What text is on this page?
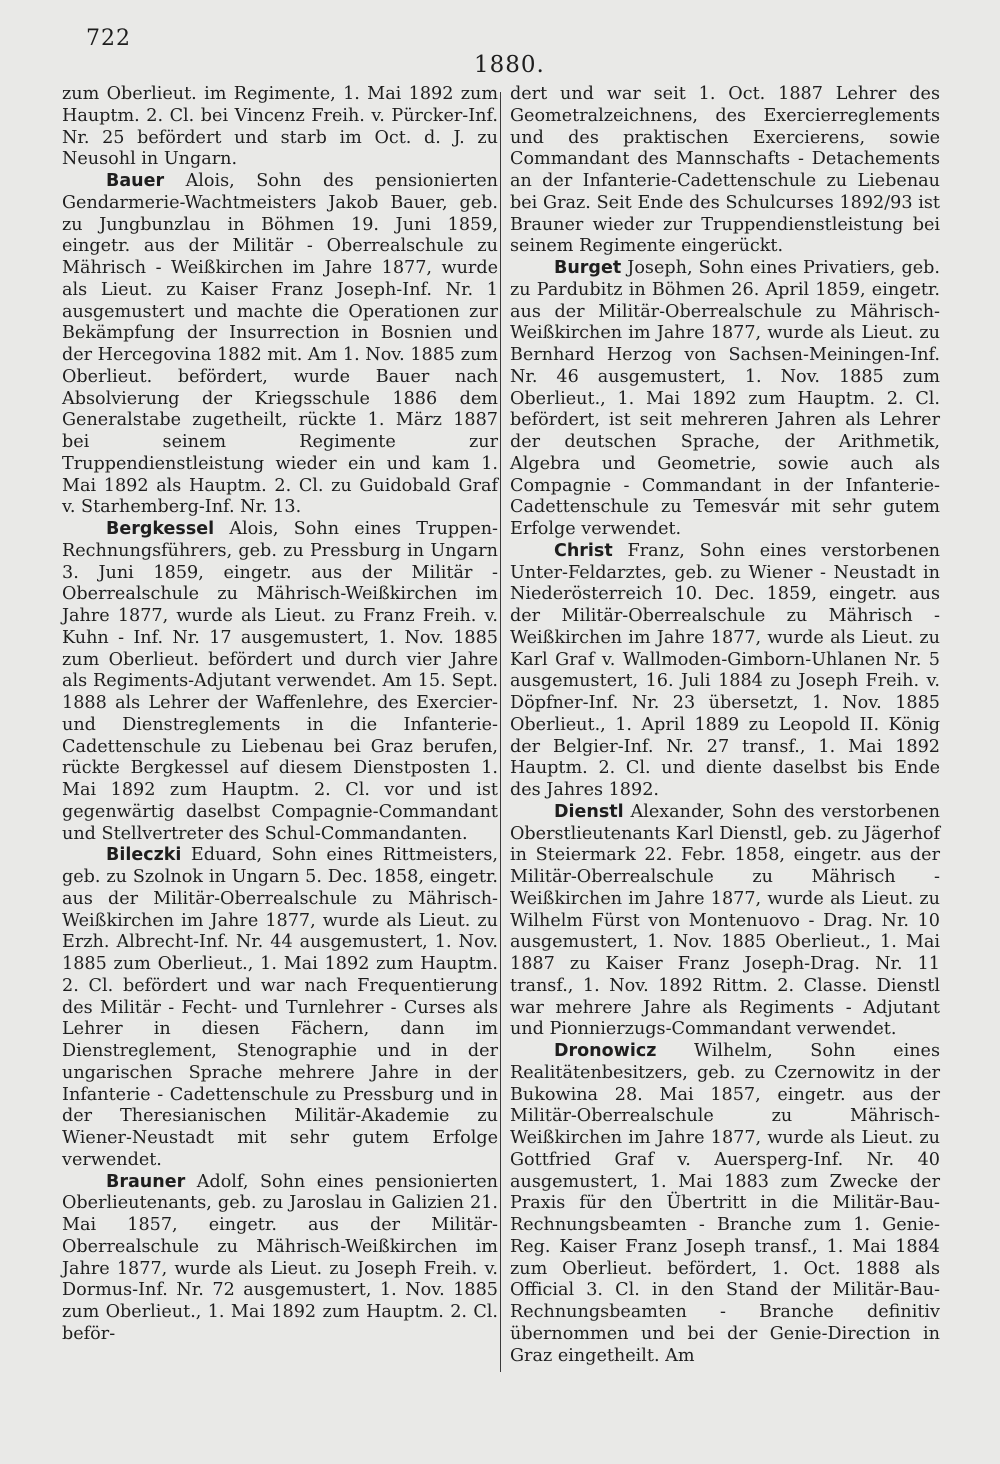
722
1880.

zum Oberlieut. im Regimente, 1. Mai 1892 zum Hauptm. 2. Cl. bei Vincenz Freih. v. Pürcker-Inf. Nr. 25 befördert und starb im Oct. d. J. zu Neusohl in Ungarn.

Bauer Alois, Sohn des pensionierten Gendarmerie-Wachtmeisters Jakob Bauer, geb. zu Jungbunzlau in Böhmen 19. Juni 1859, eingetr. aus der Militär - Oberrealschule zu Mährisch - Weißkirchen im Jahre 1877, wurde als Lieut. zu Kaiser Franz Joseph-Inf. Nr. 1 ausgemustert und machte die Operationen zur Bekämpfung der Insurrection in Bosnien und der Hercegovina 1882 mit. Am 1. Nov. 1885 zum Oberlieut. befördert, wurde Bauer nach Absolvierung der Kriegsschule 1886 dem Generalstabe zugetheilt, rückte 1. März 1887 bei seinem Regimente zur Truppendienstleistung wieder ein und kam 1. Mai 1892 als Hauptm. 2. Cl. zu Guidobald Graf v. Starhemberg-Inf. Nr. 13.

Bergkessel Alois, Sohn eines Truppen-Rechnungsführers, geb. zu Pressburg in Ungarn 3. Juni 1859, eingetr. aus der Militär - Oberrealschule zu Mährisch-Weißkirchen im Jahre 1877, wurde als Lieut. zu Franz Freih. v. Kuhn - Inf. Nr. 17 ausgemustert, 1. Nov. 1885 zum Oberlieut. befördert und durch vier Jahre als Regiments-Adjutant verwendet. Am 15. Sept. 1888 als Lehrer der Waffenlehre, des Exercier- und Dienstreglements in die Infanterie-Cadettenschule zu Liebenau bei Graz berufen, rückte Bergkessel auf diesem Dienstposten 1. Mai 1892 zum Hauptm. 2. Cl. vor und ist gegenwärtig daselbst Compagnie-Commandant und Stellvertreter des Schul-Commandanten.

Bileczki Eduard, Sohn eines Rittmeisters, geb. zu Szolnok in Ungarn 5. Dec. 1858, eingetr. aus der Militär-Oberrealschule zu Mährisch-Weißkirchen im Jahre 1877, wurde als Lieut. zu Erzh. Albrecht-Inf. Nr. 44 ausgemustert, 1. Nov. 1885 zum Oberlieut., 1. Mai 1892 zum Hauptm. 2. Cl. befördert und war nach Frequentierung des Militär - Fecht- und Turnlehrer - Curses als Lehrer in diesen Fächern, dann im Dienstreglement, Stenographie und in der ungarischen Sprache mehrere Jahre in der Infanterie - Cadettenschule zu Pressburg und in der Theresianischen Militär-Akademie zu Wiener-Neustadt mit sehr gutem Erfolge verwendet.

Brauner Adolf, Sohn eines pensionierten Oberlieutenants, geb. zu Jaroslau in Galizien 21. Mai 1857, eingetr. aus der Militär-Oberrealschule zu Mährisch-Weißkirchen im Jahre 1877, wurde als Lieut. zu Joseph Freih. v. Dormus-Inf. Nr. 72 ausgemustert, 1. Nov. 1885 zum Oberlieut., 1. Mai 1892 zum Hauptm. 2. Cl. beför-

dert und war seit 1. Oct. 1887 Lehrer des Geometralzeichnens, des Exercierreglements und des praktischen Exercierens, sowie Commandant des Mannschafts - Detachements an der Infanterie-Cadettenschule zu Liebenau bei Graz. Seit Ende des Schulcurses 1892/93 ist Brauner wieder zur Truppendienstleistung bei seinem Regimente eingerückt.

Burget Joseph, Sohn eines Privatiers, geb. zu Pardubitz in Böhmen 26. April 1859, eingetr. aus der Militär-Oberrealschule zu Mährisch-Weißkirchen im Jahre 1877, wurde als Lieut. zu Bernhard Herzog von Sachsen-Meiningen-Inf. Nr. 46 ausgemustert, 1. Nov. 1885 zum Oberlieut., 1. Mai 1892 zum Hauptm. 2. Cl. befördert, ist seit mehreren Jahren als Lehrer der deutschen Sprache, der Arithmetik, Algebra und Geometrie, sowie auch als Compagnie - Commandant in der Infanterie-Cadettenschule zu Temesvár mit sehr gutem Erfolge verwendet.

Christ Franz, Sohn eines verstorbenen Unter-Feldarztes, geb. zu Wiener - Neustadt in Niederösterreich 10. Dec. 1859, eingetr. aus der Militär-Oberrealschule zu Mährisch - Weißkirchen im Jahre 1877, wurde als Lieut. zu Karl Graf v. Wallmoden-Gimborn-Uhlanen Nr. 5 ausgemustert, 16. Juli 1884 zu Joseph Freih. v. Döpfner-Inf. Nr. 23 übersetzt, 1. Nov. 1885 Oberlieut., 1. April 1889 zu Leopold II. König der Belgier-Inf. Nr. 27 transf., 1. Mai 1892 Hauptm. 2. Cl. und diente daselbst bis Ende des Jahres 1892.

Dienstl Alexander, Sohn des verstorbenen Oberstlieutenants Karl Dienstl, geb. zu Jägerhof in Steiermark 22. Febr. 1858, eingetr. aus der Militär-Oberrealschule zu Mährisch - Weißkirchen im Jahre 1877, wurde als Lieut. zu Wilhelm Fürst von Montenuovo - Drag. Nr. 10 ausgemustert, 1. Nov. 1885 Oberlieut., 1. Mai 1887 zu Kaiser Franz Joseph-Drag. Nr. 11 transf., 1. Nov. 1892 Rittm. 2. Classe. Dienstl war mehrere Jahre als Regiments - Adjutant und Pionnierzugs-Commandant verwendet.

Dronowicz Wilhelm, Sohn eines Realitätenbesitzers, geb. zu Czernowitz in der Bukowina 28. Mai 1857, eingetr. aus der Militär-Oberrealschule zu Mährisch-Weißkirchen im Jahre 1877, wurde als Lieut. zu Gottfried Graf v. Auersperg-Inf. Nr. 40 ausgemustert, 1. Mai 1883 zum Zwecke der Praxis für den Übertritt in die Militär-Bau-Rechnungsbeamten - Branche zum 1. Genie-Reg. Kaiser Franz Joseph transf., 1. Mai 1884 zum Oberlieut. befördert, 1. Oct. 1888 als Official 3. Cl. in den Stand der Militär-Bau-Rechnungsbeamten - Branche definitiv übernommen und bei der Genie-Direction in Graz eingetheilt. Am
